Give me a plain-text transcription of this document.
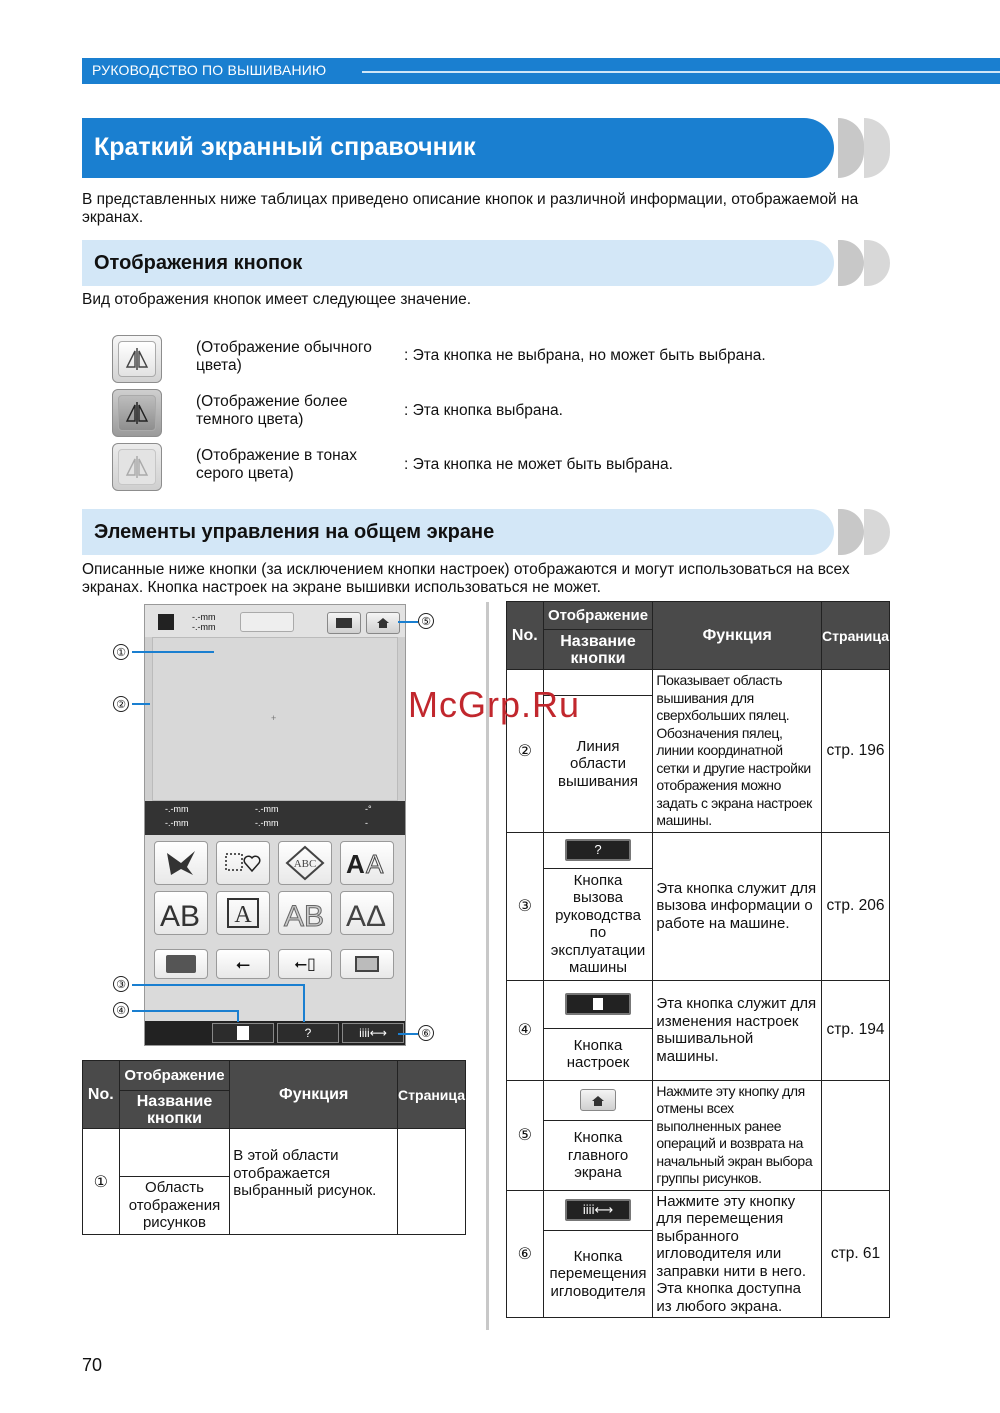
РУКОВОДСТВО ПО ВЫШИВАНИЮ
Краткий экранный справочник
В представленных ниже таблицах приведено описание кнопок и различной информации, отображаемой на экранах.
Отображения кнопок
Вид отображения кнопок имеет следующее значение.
(Отображение обычного цвета)
: Эта кнопка не выбрана, но может быть выбрана.
(Отображение более темного цвета)
: Эта кнопка выбрана.
(Отображение в тонах серого цвета)
: Эта кнопка не может быть выбрана.
Элементы управления на общем экране
Описанные ниже кнопки (за исключением кнопки настроек) отображаются и могут использоваться на всех экранах. Кнопка настроек на экране вышивки использоваться не может.
-.-mm
-.-mm
+
-.-mm
-.-mm
-.-mm
-.-mm
-°
-
ABC A A
AB A AB AΔ
⭠	⭠▯
?	iiii⟷
①
②
③
④
⑤
⑥
No.	Отображение	Функция	Страница
	Название кнопки		
①		В этой области отображается выбранный рисунок.	
	Область отображения рисунков		
No.	Отображение	Функция	Страница
	Название кнопки		
②		Показывает область вышивания для сверхбольших пялец. Обозначения пялец, линии координатной сетки и другие настройки отображения можно задать с экрана настроек машины.	стр. 196
	Линия области вышивания		
③	?	Эта кнопка служит для вызова информации о работе на машине.	стр. 206
	Кнопка вызова руководства по эксплуатации машины		
④		Эта кнопка служит для изменения настроек вышивальной машины.	стр. 194
	Кнопка настроек		
⑤		Нажмите эту кнопку для отмены всех выполненных ранее операций и возврата на начальный экран выбора группы рисунков.	
	Кнопка главного экрана		
⑥	iiii⟷	Нажмите эту кнопку для перемещения выбранного игловодителя или заправки нити в него. Эта кнопка доступна из любого экрана.	стр. 61
	Кнопка перемещения игловодителя		
McGrp.Ru
70
